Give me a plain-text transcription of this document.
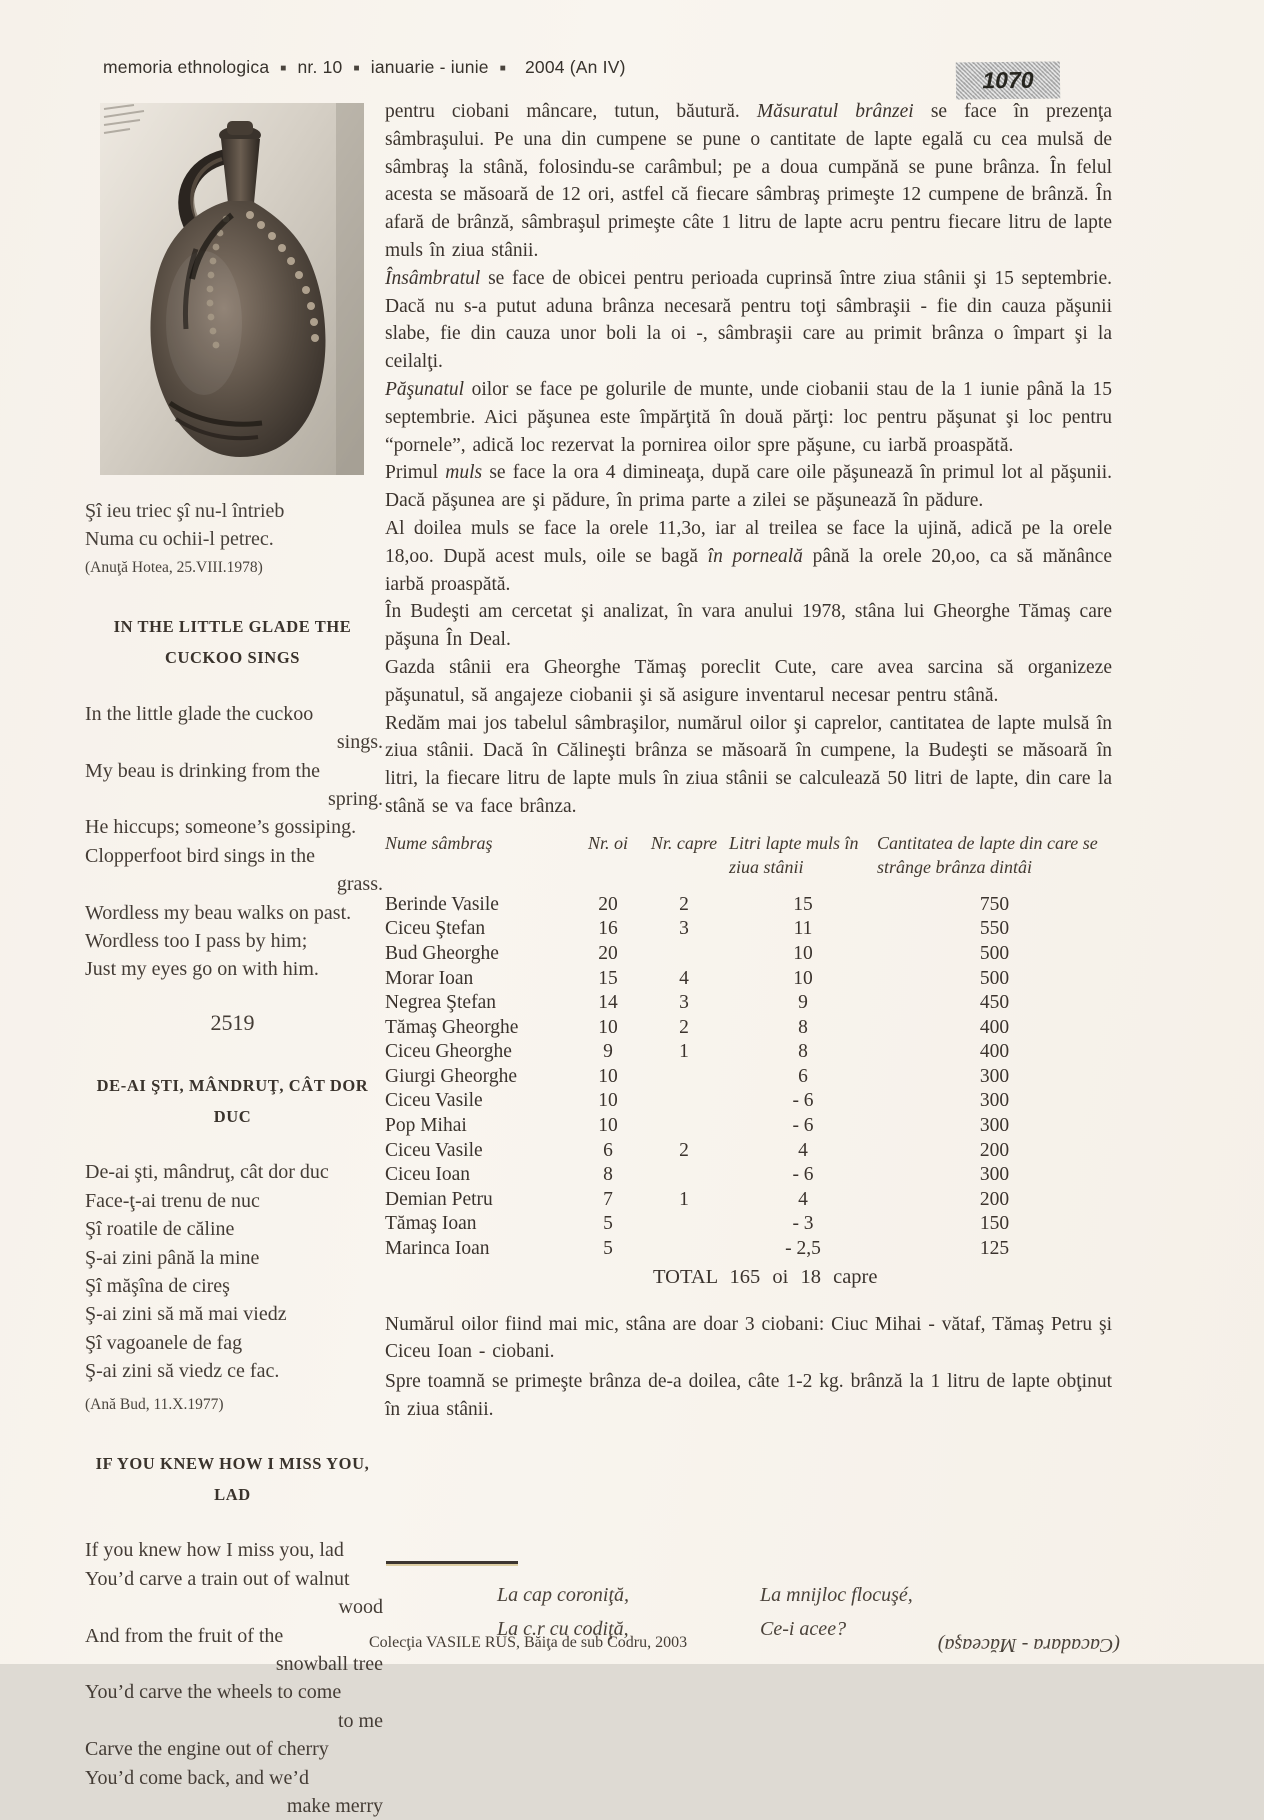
memoria ethnologica ■ nr. 10 ■ ianuarie - iunie ■ 2004 (An IV)	1070
Şî ieu triec şî nu-l întrieb
Numa cu ochii-l petrec.
(Anuţă Hotea, 25.VIII.1978)
IN THE LITTLE GLADE THE CUCKOO SINGS
In the little glade the cuckoo
sings.
My beau is drinking from the
spring.
He hiccups; someone’s gossiping.
Clopperfoot bird sings in the
grass.
Wordless my beau walks on past.
Wordless too I pass by him;
Just my eyes go on with him.
2519
DE-AI ŞTI, MÂNDRUŢ, CÂT DOR DUC
De-ai şti, mândruţ, cât dor duc
Face-ţ-ai trenu de nuc
Şî roatile de căline
Ş-ai zini până la mine
Şî măşîna de cireş
Ş-ai zini să mă mai viedz
Şî vagoanele de fag
Ş-ai zini să viedz ce fac.
(Ană Bud, 11.X.1977)
IF YOU KNEW HOW I MISS YOU, LAD
If you knew how I miss you, lad
You’d carve a train out of walnut
wood
And from the fruit of the
snowball tree
You’d carve the wheels to come
to me
Carve the engine out of cherry
You’d come back, and we’d
make merry

pentru ciobani mâncare, tutun, băutură. Măsuratul brânzei se face în prezenţa sâmbraşului. Pe una din cumpene se pune o cantitate de lapte egală cu cea mulsă de sâmbraş la stână, folosindu-se carâmbul; pe a doua cumpănă se pune brânza. În felul acesta se măsoară de 12 ori, astfel că fiecare sâmbraş primeşte 12 cumpene de brânză. În afară de brânză, sâmbraşul primeşte câte 1 litru de lapte acru pentru fiecare litru de lapte muls în ziua stânii.

Însâmbratul se face de obicei pentru perioada cuprinsă între ziua stânii şi 15 septembrie. Dacă nu s-a putut aduna brânza necesară pentru toţi sâmbraşii - fie din cauza păşunii slabe, fie din cauza unor boli la oi -, sâmbraşii care au primit brânza o împart şi la ceilalţi.

Păşunatul oilor se face pe golurile de munte, unde ciobanii stau de la 1 iunie până la 15 septembrie. Aici păşunea este împărţită în două părţi: loc pentru păşunat şi loc pentru “pornele”, adică loc rezervat la pornirea oilor spre păşune, cu iarbă proaspătă.

Primul muls se face la ora 4 dimineaţa, după care oile păşunează în primul lot al păşunii. Dacă păşunea are şi pădure, în prima parte a zilei se păşunează în pădure.

Al doilea muls se face la orele 11,3o, iar al treilea se face la ujină, adică pe la orele 18,oo. După acest muls, oile se bagă în porneală până la orele 20,oo, ca să mănânce iarbă proaspătă.

În Budeşti am cercetat şi analizat, în vara anului 1978, stâna lui Gheorghe Tămaş care păşuna În Deal.

Gazda stânii era Gheorghe Tămaş poreclit Cute, care avea sarcina să organizeze păşunatul, să angajeze ciobanii şi să asigure inventarul necesar pentru stână.

Redăm mai jos tabelul sâmbraşilor, numărul oilor şi caprelor, cantitatea de lapte mulsă în ziua stânii. Dacă în Călineşti brânza se măsoară în cumpene, la Budeşti se măsoară în litri, la fiecare litru de lapte muls în ziua stânii se calculează 50 litri de lapte, din care la stână se va face brânza.

Nume sâmbraş	Nr. oi	Nr. capre	Litri lapte muls în ziua stânii	Cantitatea de lapte din care se strânge brânza dintâi
Berinde Vasile	20	2	15	750
Ciceu Ştefan	16	3	11	550
Bud Gheorghe	20		10	500
Morar Ioan	15	4	10	500
Negrea Ştefan	14	3	9	450
Tămaş Gheorghe	10	2	8	400
Ciceu Gheorghe	9	1	8	400
Giurgi Gheorghe	10		6	300
Ciceu Vasile	10		- 6	300
Pop Mihai	10		- 6	300
Ciceu Vasile	6	2	4	200
Ciceu Ioan	8		- 6	300
Demian Petru	7	1	4	200
Tămaş Ioan	5		- 3	150
Marinca Ioan	5		- 2,5	125
TOTAL 165 oi 18 capre

Numărul oilor fiind mai mic, stâna are doar 3 ciobani: Ciuc Mihai - vătaf, Tămaş Petru şi Ciceu Ioan - ciobani.

Spre toamnă se primeşte brânza de-a doilea, câte 1-2 kg. brânză la 1 litru de lapte obţinut în ziua stânii.

La cap coroniţă,
La c.r cu codiţă,
La mnijloc flocuşé,
Ce-i acee?
Colecţia VASILE RUS, Băiţa de sub Codru, 2003	(Cacadara - Măceaşa)
